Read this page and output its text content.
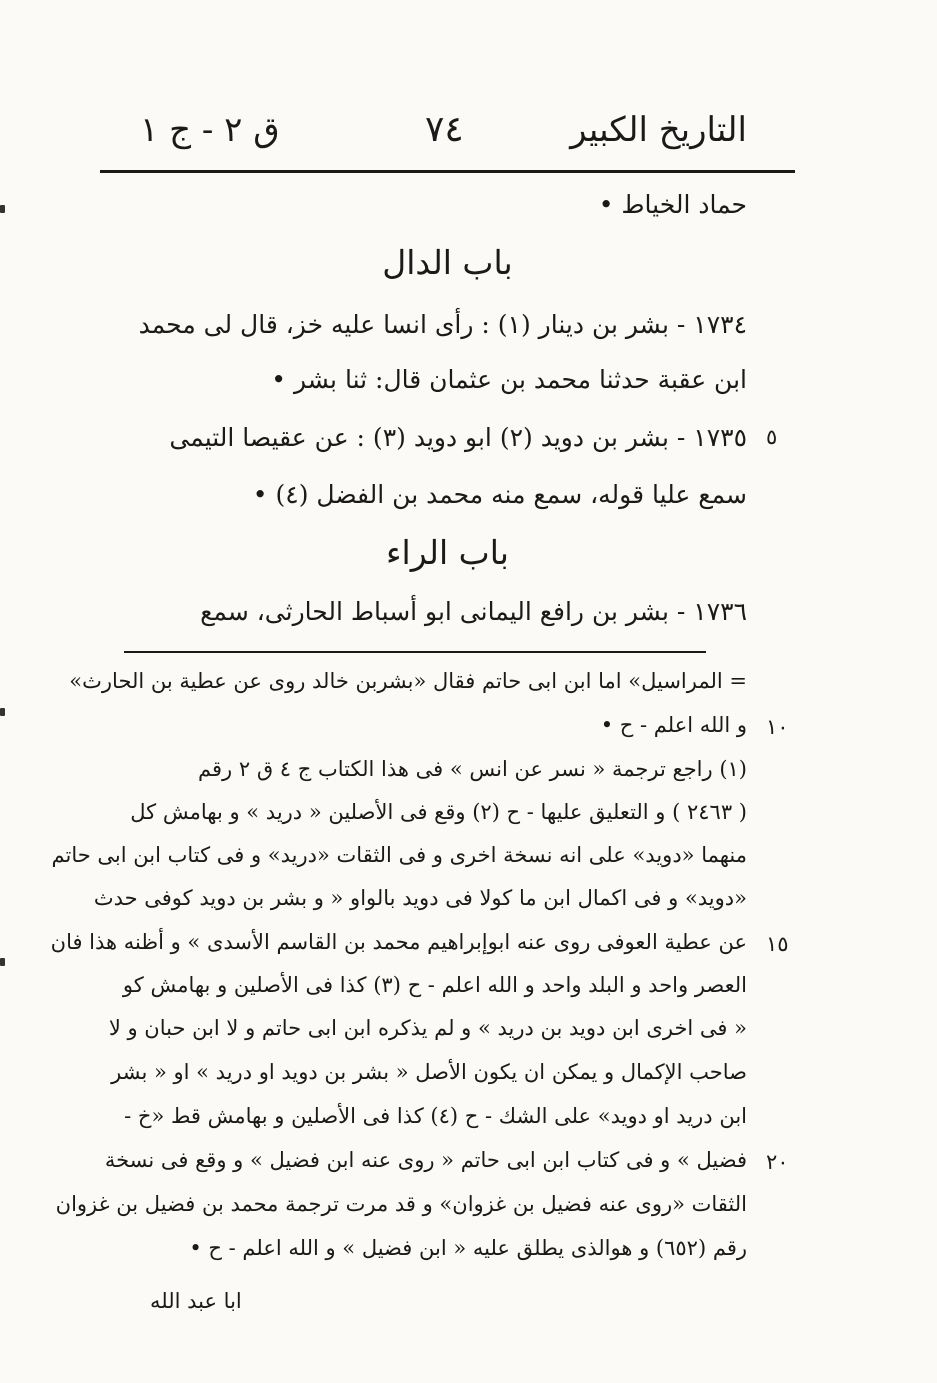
التاريخ الكبير
٧٤
ق ٢ - ج ١
حماد الخياط •
باب الدال
١٧٣٤ - بشر بن دينار (١) : رأى انسا عليه خز، قال لى محمد
ابن عقبة حدثنا محمد بن عثمان قال: ثنا بشر •
١٧٣٥ - بشر بن دويد (٢) ابو دويد (٣) : عن عقيصا التيمى ٥
سمع عليا قوله، سمع منه محمد بن الفضل (٤) •
باب الراء
١٧٣٦ - بشر بن رافع اليمانى ابو أسباط الحارثى، سمع
= المراسيل» اما ابن ابى حاتم فقال «بشربن خالد روى عن عطية بن الحارث»
و الله اعلم - ح • ١٠
(١) راجع ترجمة « نسر عن انس » فى هذا الكتاب ج ٤ ق ٢ رقم
( ٢٤٦٣ ) و التعليق عليها - ح (٢) وقع فى الأصلين « دريد » و بهامش كل
منهما «دويد» على انه نسخة اخرى و فى الثقات «دريد» و فى كتاب ابن ابى حاتم
«دويد» و فى اكمال ابن ما كولا فى دويد بالواو « و بشر بن دويد كوفى حدث
عن عطية العوفى روى عنه ابوإبراهيم محمد بن القاسم الأسدى » و أظنه هذا فان ١٥
العصر واحد و البلد واحد و الله اعلم - ح (٣) كذا فى الأصلين و بهامش كو
« فى اخرى ابن دويد بن دريد » و لم يذكره ابن ابى حاتم و لا ابن حبان و لا
صاحب الإكمال و يمكن ان يكون الأصل « بشر بن دويد او دريد » او « بشر
ابن دريد او دويد» على الشك - ح (٤) كذا فى الأصلين و بهامش قط «خ -
فضيل » و فى كتاب ابن ابى حاتم « روى عنه ابن فضيل » و وقع فى نسخة ٢٠
الثقات «روى عنه فضيل بن غزوان» و قد مرت ترجمة محمد بن فضيل بن غزوان
رقم (٦٥٢) و هوالذى يطلق عليه « ابن فضيل » و الله اعلم - ح •
ابا عبد الله
